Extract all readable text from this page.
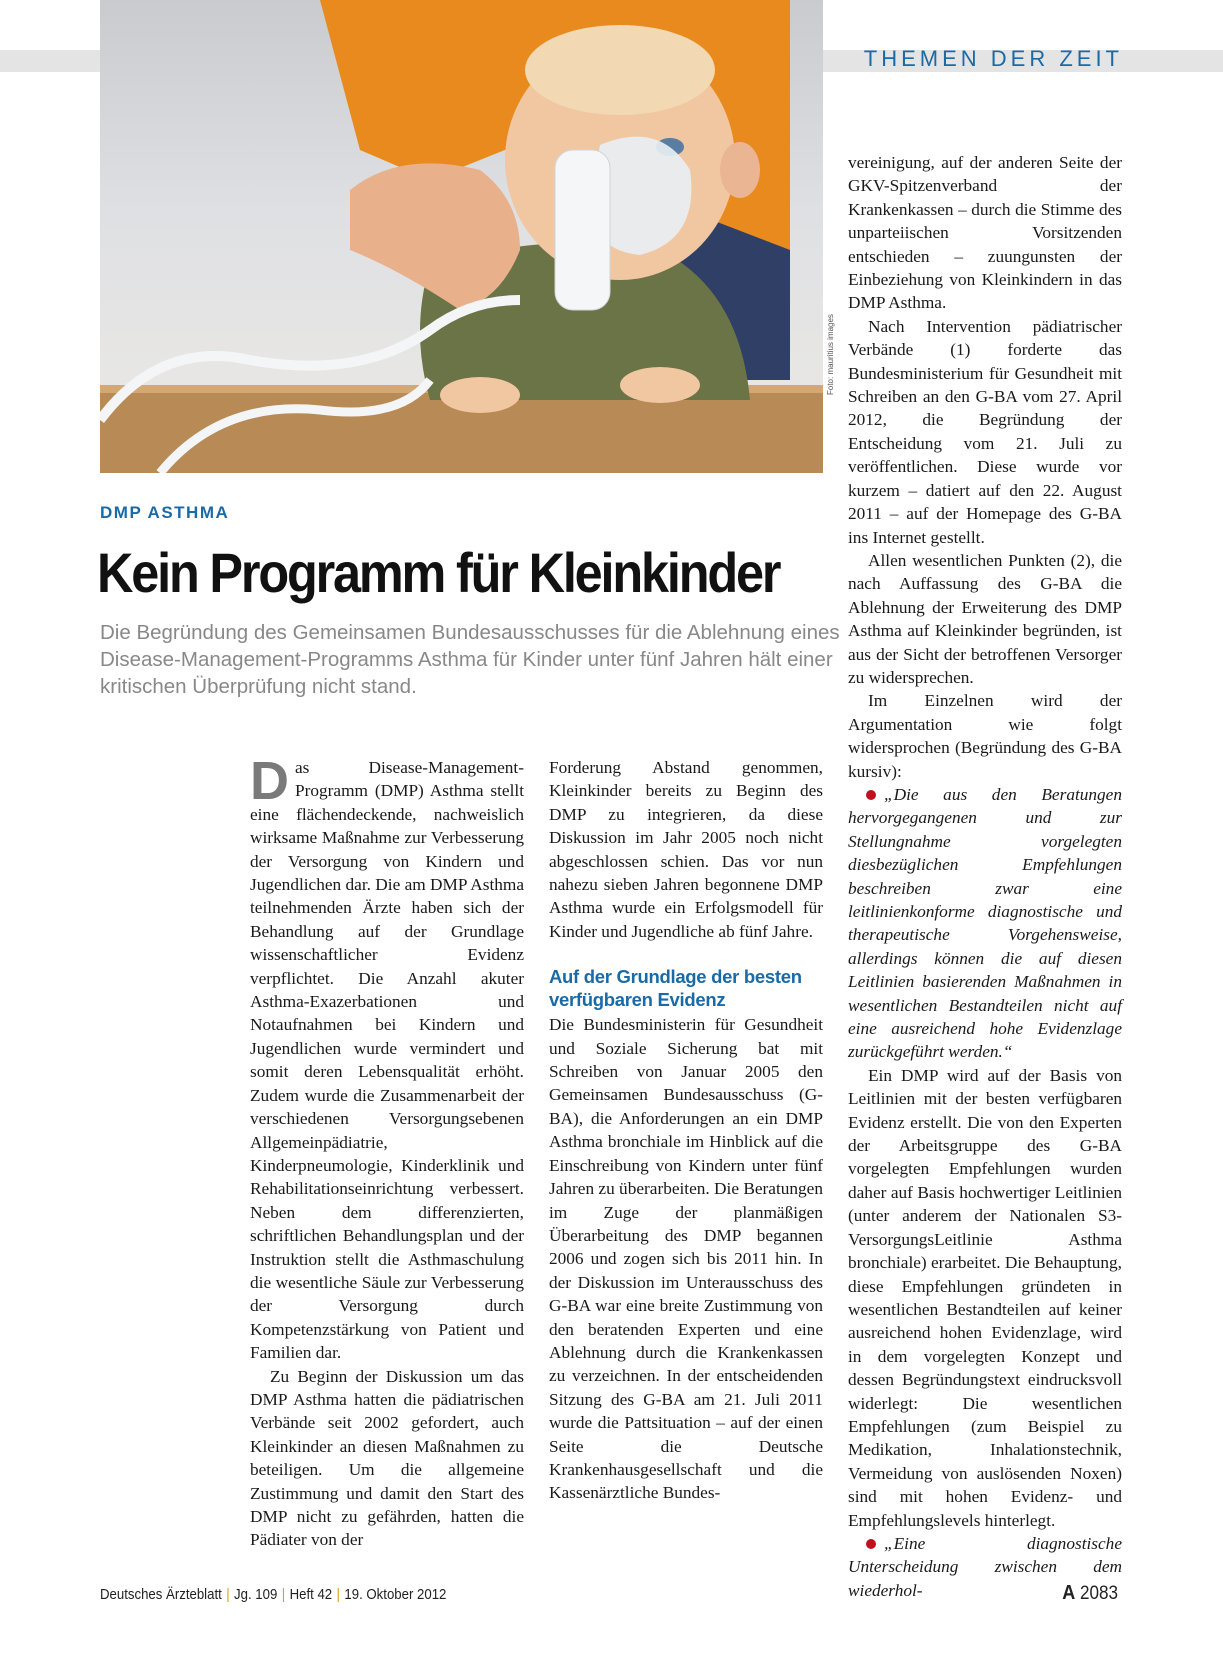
THEMEN DER ZEIT
Foto: mauritius images
DMP ASTHMA
Kein Programm für Kleinkinder

Die Begründung des Gemeinsamen Bundesausschusses für die Ablehnung eines Disease-Management-Programms Asthma für Kinder unter fünf Jahren hält einer kritischen Überprüfung nicht stand.

Das Disease-Management-Programm (DMP) Asthma stellt eine flächendeckende, nachweislich wirksame Maßnahme zur Verbesserung der Versorgung von Kindern und Jugendlichen dar. Die am DMP Asthma teilnehmenden Ärzte haben sich der Behandlung auf der Grundlage wissenschaftlicher Evidenz verpflichtet. Die Anzahl akuter Asthma-Exazerbationen und Notaufnahmen bei Kindern und Jugendlichen wurde vermindert und somit deren Lebensqualität erhöht. Zudem wurde die Zusammenarbeit der verschiedenen Versorgungsebenen Allgemeinpädiatrie, Kinderpneumologie, Kinderklinik und Rehabilitationseinrichtung verbessert. Neben dem differenzierten, schriftlichen Behandlungsplan und der Instruktion stellt die Asthmaschulung die wesentliche Säule zur Verbesserung der Versorgung durch Kompetenzstärkung von Patient und Familien dar.

Zu Beginn der Diskussion um das DMP Asthma hatten die pädiatrischen Verbände seit 2002 gefordert, auch Kleinkinder an diesen Maßnahmen zu beteiligen. Um die allgemeine Zustimmung und damit den Start des DMP nicht zu gefährden, hatten die Pädiater von der

Forderung Abstand genommen, Kleinkinder bereits zu Beginn des DMP zu integrieren, da diese Diskussion im Jahr 2005 noch nicht abgeschlossen schien. Das vor nun nahezu sieben Jahren begonnene DMP Asthma wurde ein Erfolgsmodell für Kinder und Jugendliche ab fünf Jahre.

Auf der Grundlage der besten verfügbaren Evidenz

Die Bundesministerin für Gesundheit und Soziale Sicherung bat mit Schreiben von Januar 2005 den Gemeinsamen Bundesausschuss (G-BA), die Anforderungen an ein DMP Asthma bronchiale im Hinblick auf die Einschreibung von Kindern unter fünf Jahren zu überarbeiten. Die Beratungen im Zuge der planmäßigen Überarbeitung des DMP begannen 2006 und zogen sich bis 2011 hin. In der Diskussion im Unterausschuss des G-BA war eine breite Zustimmung von den beratenden Experten und eine Ablehnung durch die Krankenkassen zu verzeichnen. In der entscheidenden Sitzung des G-BA am 21. Juli 2011 wurde die Pattsituation – auf der einen Seite die Deutsche Krankenhausgesellschaft und die Kassenärztliche Bundes-

vereinigung, auf der anderen Seite der GKV-Spitzenverband der Krankenkassen – durch die Stimme des unparteiischen Vorsitzenden entschieden – zuungunsten der Einbeziehung von Kleinkindern in das DMP Asthma.

Nach Intervention pädiatrischer Verbände (1) forderte das Bundesministerium für Gesundheit mit Schreiben an den G-BA vom 27. April 2012, die Begründung der Entscheidung vom 21. Juli zu veröffentlichen. Diese wurde vor kurzem – datiert auf den 22. August 2011 – auf der Homepage des G-BA ins Internet gestellt.

Allen wesentlichen Punkten (2), die nach Auffassung des G-BA die Ablehnung der Erweiterung des DMP Asthma auf Kleinkinder begründen, ist aus der Sicht der betroffenen Versorger zu widersprechen.

Im Einzelnen wird der Argumentation wie folgt widersprochen (Begründung des G-BA kursiv):

„Die aus den Beratungen hervorgegangenen und zur Stellungnahme vorgelegten diesbezüglichen Empfehlungen beschreiben zwar eine leitlinienkonforme diagnostische und therapeutische Vorgehensweise, allerdings können die auf diesen Leitlinien basierenden Maßnahmen in wesentlichen Bestandteilen nicht auf eine ausreichend hohe Evidenzlage zurückgeführt werden.“

Ein DMP wird auf der Basis von Leitlinien mit der besten verfügbaren Evidenz erstellt. Die von den Experten der Arbeitsgruppe des G-BA vorgelegten Empfehlungen wurden daher auf Basis hochwertiger Leitlinien (unter anderem der Nationalen S3-VersorgungsLeitlinie Asthma bronchiale) erarbeitet. Die Behauptung, diese Empfehlungen gründeten in wesentlichen Bestandteilen auf keiner ausreichend hohen Evidenzlage, wird in dem vorgelegten Konzept und dessen Begründungstext eindrucksvoll widerlegt: Die wesentlichen Empfehlungen (zum Beispiel zu Medikation, Inhalationstechnik, Vermeidung von auslösenden Noxen) sind mit hohen Evidenz- und Empfehlungslevels hinterlegt.

„Eine diagnostische Unterscheidung zwischen dem wiederhol-

Deutsches Ärzteblatt | Jg. 109 | Heft 42 | 19. Oktober 2012	A 2083
